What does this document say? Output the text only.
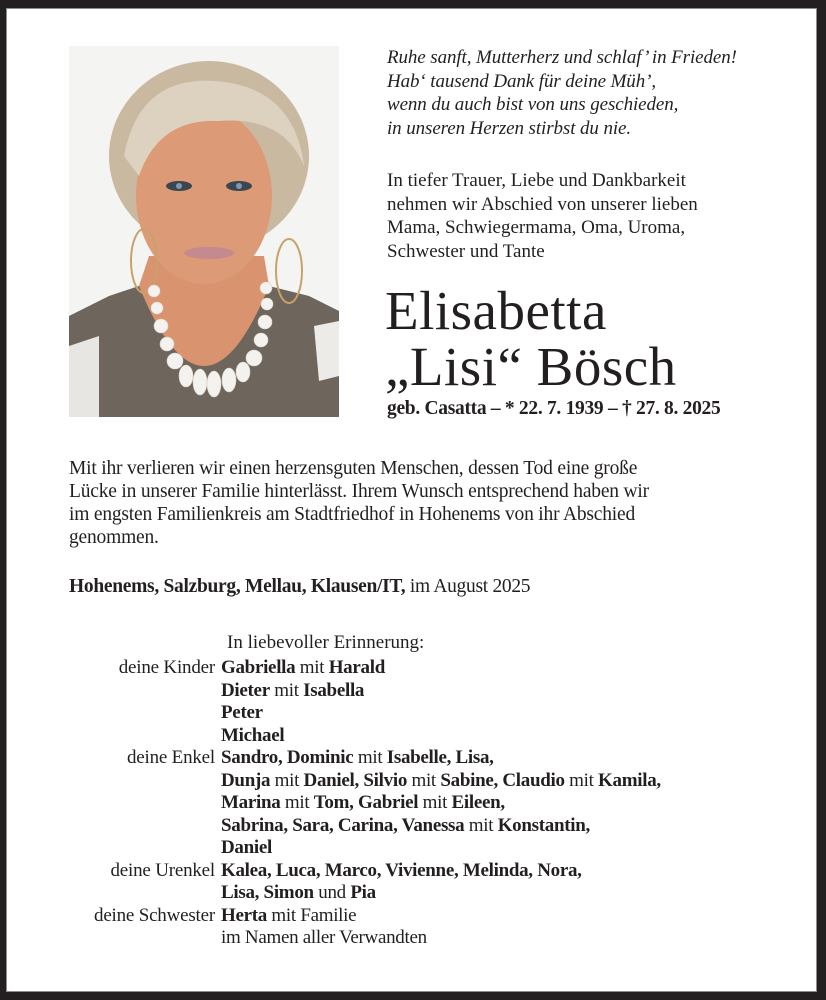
Ruhe sanft, Mutterherz und schlaf’ in Frieden!
Hab‘ tausend Dank für deine Müh’,
wenn du auch bist von uns geschieden,
in unseren Herzen stirbst du nie.
In tiefer Trauer, Liebe und Dankbarkeit
nehmen wir Abschied von unserer lieben
Mama, Schwiegermama, Oma, Uroma,
Schwester und Tante
Elisabetta
„Lisi“ Bösch
geb. Casatta – * 22. 7. 1939 – † 27. 8. 2025
Mit ihr verlieren wir einen herzensguten Menschen, dessen Tod eine große
Lücke in unserer Familie hinterlässt. Ihrem Wunsch entsprechend haben wir
im engsten Familienkreis am Stadtfriedhof in Hohenems von ihr Abschied
genommen.
Hohenems, Salzburg, Mellau, Klausen/IT, im August 2025
In liebevoller Erinnerung:
deine Kinder Gabriella mit Harald
Dieter mit Isabella
Peter
Michael
deine Enkel Sandro, Dominic mit Isabelle, Lisa,
Dunja mit Daniel, Silvio mit Sabine, Claudio mit Kamila,
Marina mit Tom, Gabriel mit Eileen,
Sabrina, Sara, Carina, Vanessa mit Konstantin,
Daniel
deine Urenkel Kalea, Luca, Marco, Vivienne, Melinda, Nora,
Lisa, Simon und Pia
deine Schwester Herta mit Familie
im Namen aller Verwandten
